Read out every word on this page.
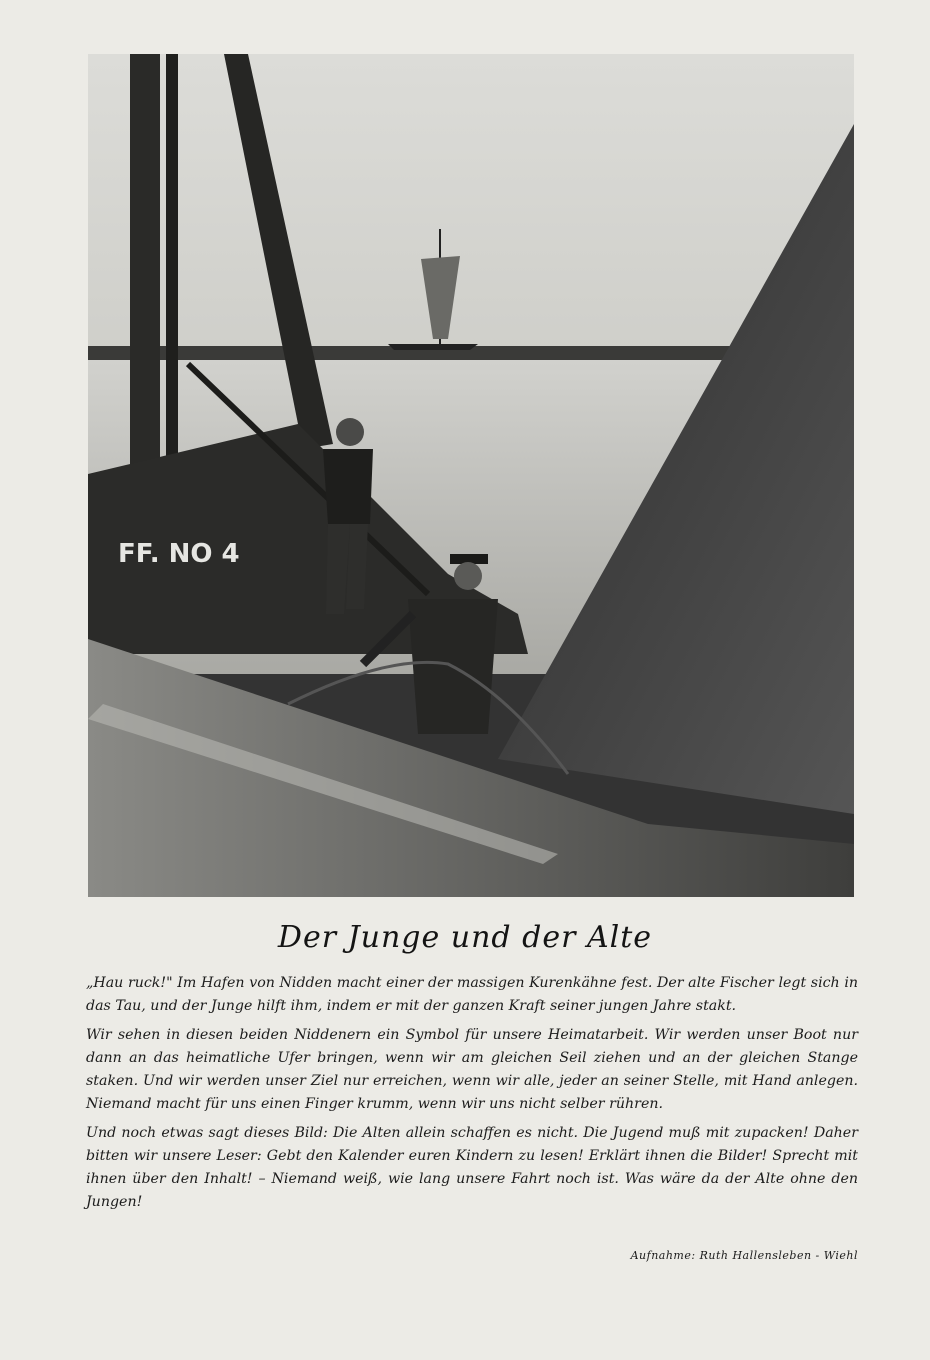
FF. NO 4
Der Junge und der Alte

„Hau ruck!" Im Hafen von Nidden macht einer der massigen Kurenkähne fest. Der alte Fischer legt sich in das Tau, und der Junge hilft ihm, indem er mit der ganzen Kraft seiner jungen Jahre stakt.

Wir sehen in diesen beiden Niddenern ein Symbol für unsere Heimatarbeit. Wir werden unser Boot nur dann an das heimatliche Ufer bringen, wenn wir am gleichen Seil ziehen und an der gleichen Stange staken. Und wir werden unser Ziel nur erreichen, wenn wir alle, jeder an seiner Stelle, mit Hand anlegen. Niemand macht für uns einen Finger krumm, wenn wir uns nicht selber rühren.

Und noch etwas sagt dieses Bild: Die Alten allein schaffen es nicht. Die Jugend muß mit zupacken! Daher bitten wir unsere Leser: Gebt den Kalender euren Kindern zu lesen! Erklärt ihnen die Bilder! Sprecht mit ihnen über den Inhalt! – Niemand weiß, wie lang unsere Fahrt noch ist. Was wäre da der Alte ohne den Jungen!

Aufnahme: Ruth Hallensleben - Wiehl
